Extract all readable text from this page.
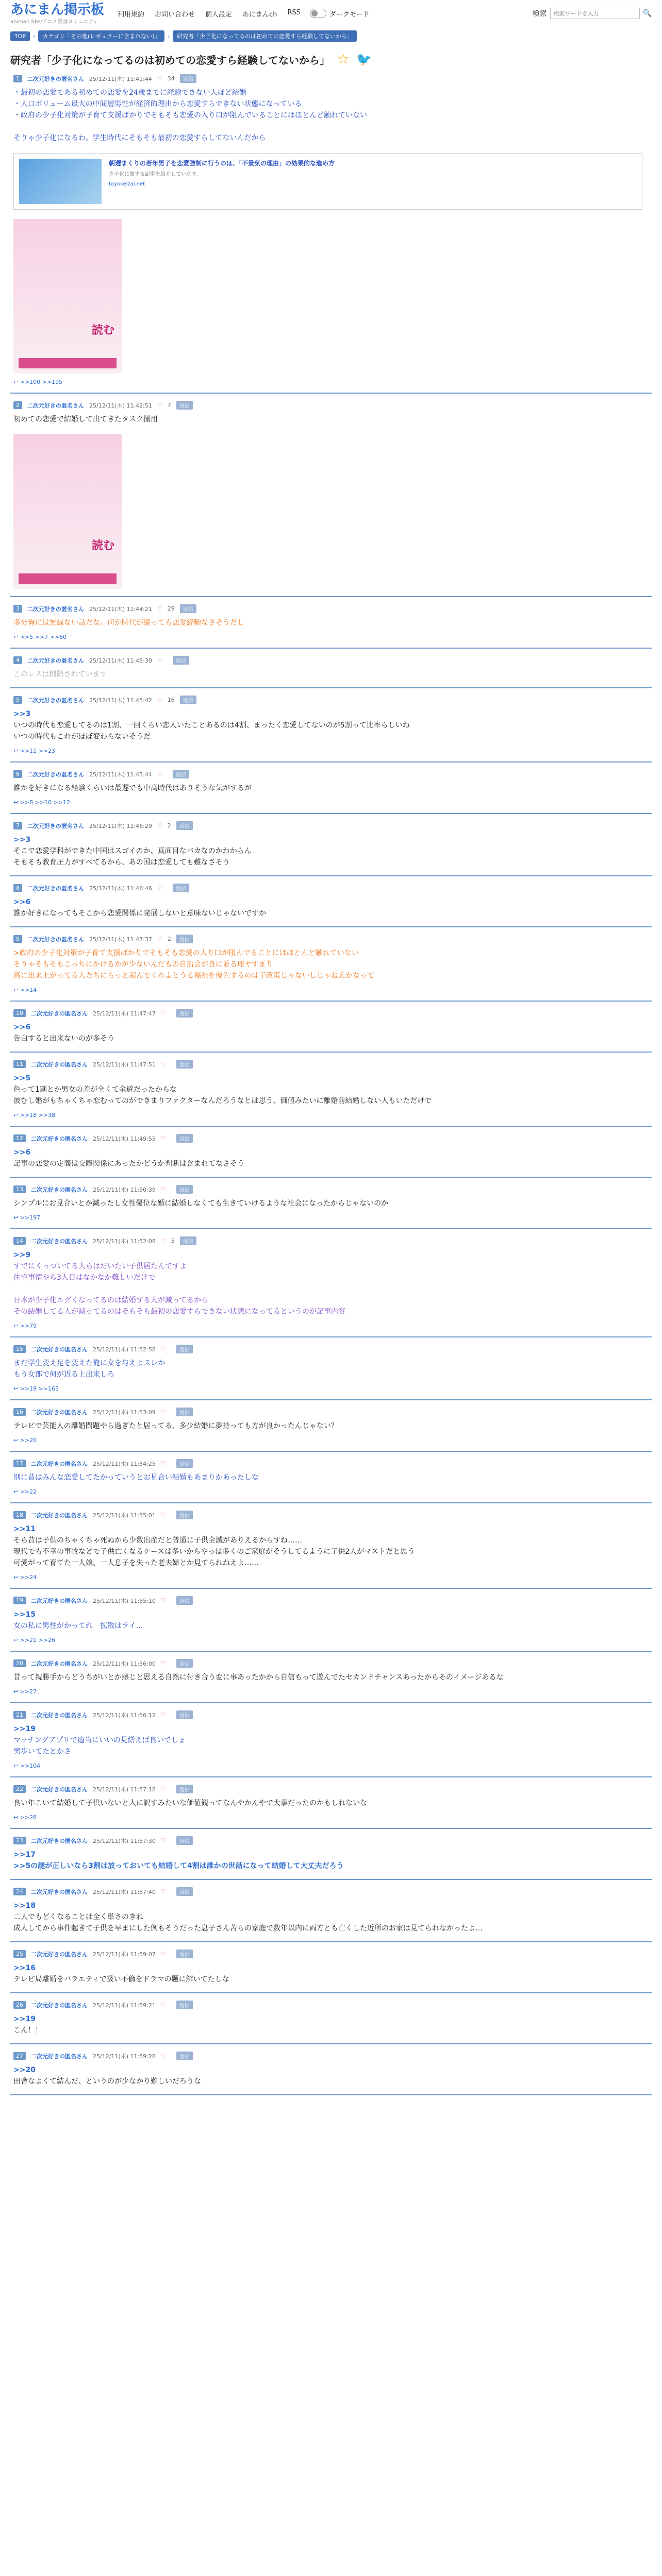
あにまん掲示板
animan bbs/アニメ漫画コミュニティ
利用規約 お問い合わせ 個人設定 あにまんch RSS	ダークモード	検索
検索ワードを入力	🔍
TOP	›	カテゴリ「その他(レギュラーに含まれない)」	›	研究者「少子化になってるのは初めての恋愛すら経験してないから」
研究者「少子化になってるのは初めての恋愛すら経験してないから」 ☆ 🐦
1	二次元好きの匿名さん 25/12/11(木) 11:41:44 ♡ 34	返信
・最初の恋愛である初めての恋愛を24歳までに経験できない人ほど結婚
・人口ボリューム最大の中間層男性が経済的理由から恋愛すらできない状態になっている
・政府の少子化対策が子育て支援ばかりでそもそも恋愛の入り口が阻んでいることにはほとんど触れていない

そりゃ少子化になるわ。学生時代にそもそも最初の恋愛すらしてないんだから
朝遅まくりの若年男子を恋愛強制に行うのは、「不景気の理由」の効果的な進め方
少子化に関する記事を紹介しています。
toyokeizai.net
読む
↩ >>100 >>195
2	二次元好きの匿名さん 25/12/11(木) 11:42:51 ♡ 7	返信
初めての恋愛で結婚して出てきたタスク揃用
読む
3	二次元好きの匿名さん 25/12/11(木) 11:44:21 ♡ 29	返信
多分俺には無縁ない話だな。何か時代が違っても恋愛経験なさそうだし
↩ >>5 >>7 >>60
4	二次元好きの匿名さん 25/12/11(木) 11:45:30 ♡	返信
このレスは削除されています
5	二次元好きの匿名さん 25/12/11(木) 11:45:42 ♡ 16	返信
>>3
いつの時代も恋愛してるのは1割、一回くらい恋人いたことあるのは4割、まったく恋愛してないのが5割って比率らしいね
いつの時代もこれがほぼ変わらないそうだ
↩ >>11 >>23
6	二次元好きの匿名さん 25/12/11(木) 11:45:44 ♡	返信
誰かを好きになる経験くらいは最遅でも中高時代はありそうな気がするが
↩ >>8 >>10 >>12
7	二次元好きの匿名さん 25/12/11(木) 11:46:29 ♡ 2	返信
>>3
そこで恋愛学科ができた中国はスゴイのか、真面目なバカなのかわからん
そもそも教育圧力がすべてるから、あの国は恋愛しても難なさそう
8	二次元好きの匿名さん 25/12/11(木) 11:46:46 ♡	返信
>>6
誰か好きになってもそこから恋愛関係に発展しないと意味ないじゃないですか
9	二次元好きの匿名さん 25/12/11(木) 11:47:37 ♡ 2	返信
>政府の少子化対策が子育て支援ばかりでそもそも恋愛の入り口が阻んでることにはほとんど触れていない
そりゃそもそもこっちにかけるかが少ないんだもの自治会が良に並る理ヤすまり
高に出来上がってる人たちにらっと超んでくれよとうる福祉を優先するのは子政策じゃないしじゃねえかなって
↩ >>14
10	二次元好きの匿名さん 25/12/11(木) 11:47:47 ♡	返信
>>6
告白すると出来ないのが多そう
11	二次元好きの匿名さん 25/12/11(木) 11:47:51 ♡	返信
>>5
色って1割とか男女の差が全くて余遊だったからな
彼むし婚がもちゃくちゃ恋むってのができまりファクターなんだろうなとは思う、価値みたいに離婚前結婚しない人もいただけで
↩ >>18 >>38
12	二次元好きの匿名さん 25/12/11(木) 11:49:55 ♡	返信
>>6
記事の恋愛の定義は交際関係にあったかどうか判断は含まれてなさそう
13	二次元好きの匿名さん 25/12/11(木) 11:50:39 ♡	返信
シンプルにお見合いとか減ったし女性優位な婚に結婚しなくても生きていけるような社会になったからじゃないのか
↩ >>197
14	二次元好きの匿名さん 25/12/11(木) 11:52:08 ♡ 5	返信
>>9
すでにくっついてる人らはだいたい子供居たんですよ
住宅事情やら3人目はなかなか難しいだけで

日本が少子化エグくなってるのは結婚する人が減ってるから
その結婚してる人が減ってるのはそもそも最初の恋愛すらできない状態になってるというのが記事内容
↩ >>79
15	二次元好きの匿名さん 25/12/11(木) 11:52:58 ♡	返信
まだ学生変え足を変えた俺に女を与えよスレか
もう女郎で何が近る上出来しろ
↩ >>19 >>163
16	二次元好きの匿名さん 25/12/11(木) 11:53:09 ♡	返信
テレビで芸能人の離婚問題やら過ぎたと居ってる、多少結婚に夢持っても方が良かったんじゃない？
↩ >>20
17	二次元好きの匿名さん 25/12/11(木) 11:54:25 ♡	返信
別に昔はみんな恋愛してたかっていうとお見合い結婚もあまりかあったしな
↩ >>22
18	二次元好きの匿名さん 25/12/11(木) 11:55:01 ♡	返信
>>11
そら昔は子供のちゃくちゃ死ぬから少数出産だと普通に子供全滅がありえるからすね……
現代でも不幸の事故などで子供亡くなるケースは多いからやっぱ多くのご家庭がそうしてるように子供2人がマストだと思う
可愛がって育てた一人娘、一人息子を失った老夫婦とか見てられねえよ……
↩ >>24
19	二次元好きの匿名さん 25/12/11(木) 11:55:10 ♡	返信
>>15
女の私に男性がかってれ　拡散はライ…
↩ >>21 >>26
20	二次元好きの匿名さん 25/12/11(木) 11:56:00 ♡	返信
昔って親勝手からどうちがいとか感じと思える自然に付き合う変に事あったかから自信もって遊んでたセカンドチャンスあったからそのイメージあるな
↩ >>27
21	二次元好きの匿名さん 25/12/11(木) 11:56:12 ♡	返信
>>19
マッチングアプリで適当にいいの見繕えば良いでしょ
男歩いてたとかさ
↩ >>104
22	二次元好きの匿名さん 25/12/11(木) 11:57:18 ♡	返信
良い年こいて結婚して子供いないと人に訳すみたいな価値観ってなんやかんやで大事だったのかもしれないな
↩ >>28
23	二次元好きの匿名さん 25/12/11(木) 11:57:30 ♡	返信
>>17
>>5の謎が正しいなら3割は放っておいても結婚して4割は誰かの世話になって結婚して大丈夫だろう
24	二次元好きの匿名さん 25/12/11(木) 11:57:40 ♡	返信
>>18
二人でもどくなることは全く単さのきね
成人してから事件起きて子供を早まにした例もそうだった息子さん苦らの家庭で数年以内に両方とも亡くした近所のお家は見てられなかったよ…
25	二次元好きの匿名さん 25/12/11(木) 11:59:07 ♡	返信
>>16
テレビ局離婚をバラエティで扱い不倫をドラマの题に解いてたしな
26	二次元好きの匿名さん 25/12/11(木) 11:59:21 ♡	返信
>>19
こん！！
27	二次元好きの匿名さん 25/12/11(木) 11:59:28 ♡	返信
>>20
田舎なよくて結んだ、というのが少なかり難しいだろうな
